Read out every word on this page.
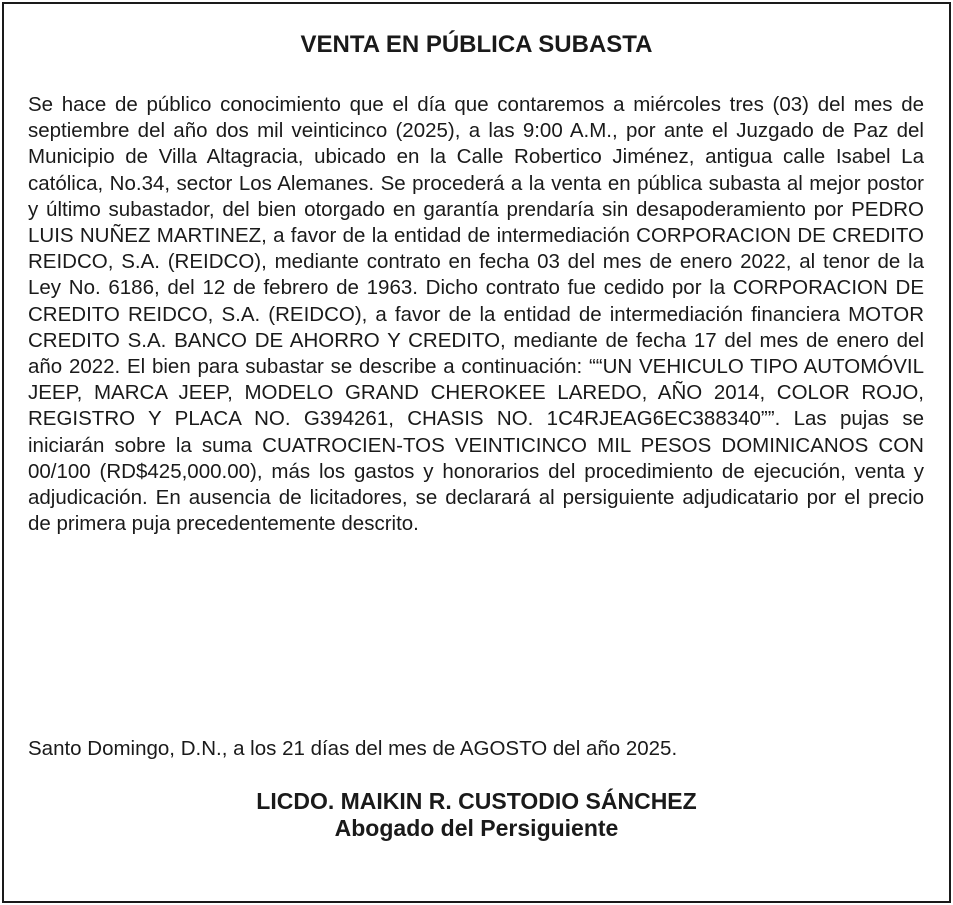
VENTA EN PÚBLICA SUBASTA

Se hace de público conocimiento que el día que contaremos a miércoles tres (03) del mes de septiembre del año dos mil veinticinco (2025), a las 9:00 A.M., por ante el Juzgado de Paz del Municipio de Villa Altagracia, ubicado en la Calle Robertico Jiménez, antigua calle Isabel La católica, No.34, sector Los Alemanes. Se procederá a la venta en pública subasta al mejor postor y último subastador, del bien otorgado en garantía prendaría sin desapoderamiento por PEDRO LUIS NUÑEZ MARTINEZ, a favor de la entidad de intermediación CORPORACION DE CREDITO REIDCO, S.A. (REIDCO), mediante contrato en fecha 03 del mes de enero 2022, al tenor de la Ley No. 6186, del 12 de febrero de 1963. Dicho contrato fue cedido por la CORPORACION DE CREDITO REIDCO, S.A. (REIDCO), a favor de la entidad de intermediación financiera MOTOR CREDITO S.A. BANCO DE AHORRO Y CREDITO, mediante de fecha 17 del mes de enero del año 2022. El bien para subastar se describe a continuación: ““UN VEHICULO TIPO AUTOMÓVIL JEEP, MARCA JEEP, MODELO GRAND CHEROKEE LAREDO, AÑO 2014, COLOR ROJO, REGISTRO Y PLACA NO. G394261, CHASIS NO. 1C4RJEAG6EC388340””. Las pujas se iniciarán sobre la suma CUATROCIEN-TOS VEINTICINCO MIL PESOS DOMINICANOS CON 00/100 (RD$425,000.00), más los gastos y honorarios del procedimiento de ejecución, venta y adjudicación. En ausencia de licitadores, se declarará al persiguiente adjudicatario por el precio de primera puja precedentemente descrito.

Santo Domingo, D.N., a los 21 días del mes de AGOSTO del año 2025.

LICDO. MAIKIN R. CUSTODIO SÁNCHEZ
Abogado del Persiguiente
